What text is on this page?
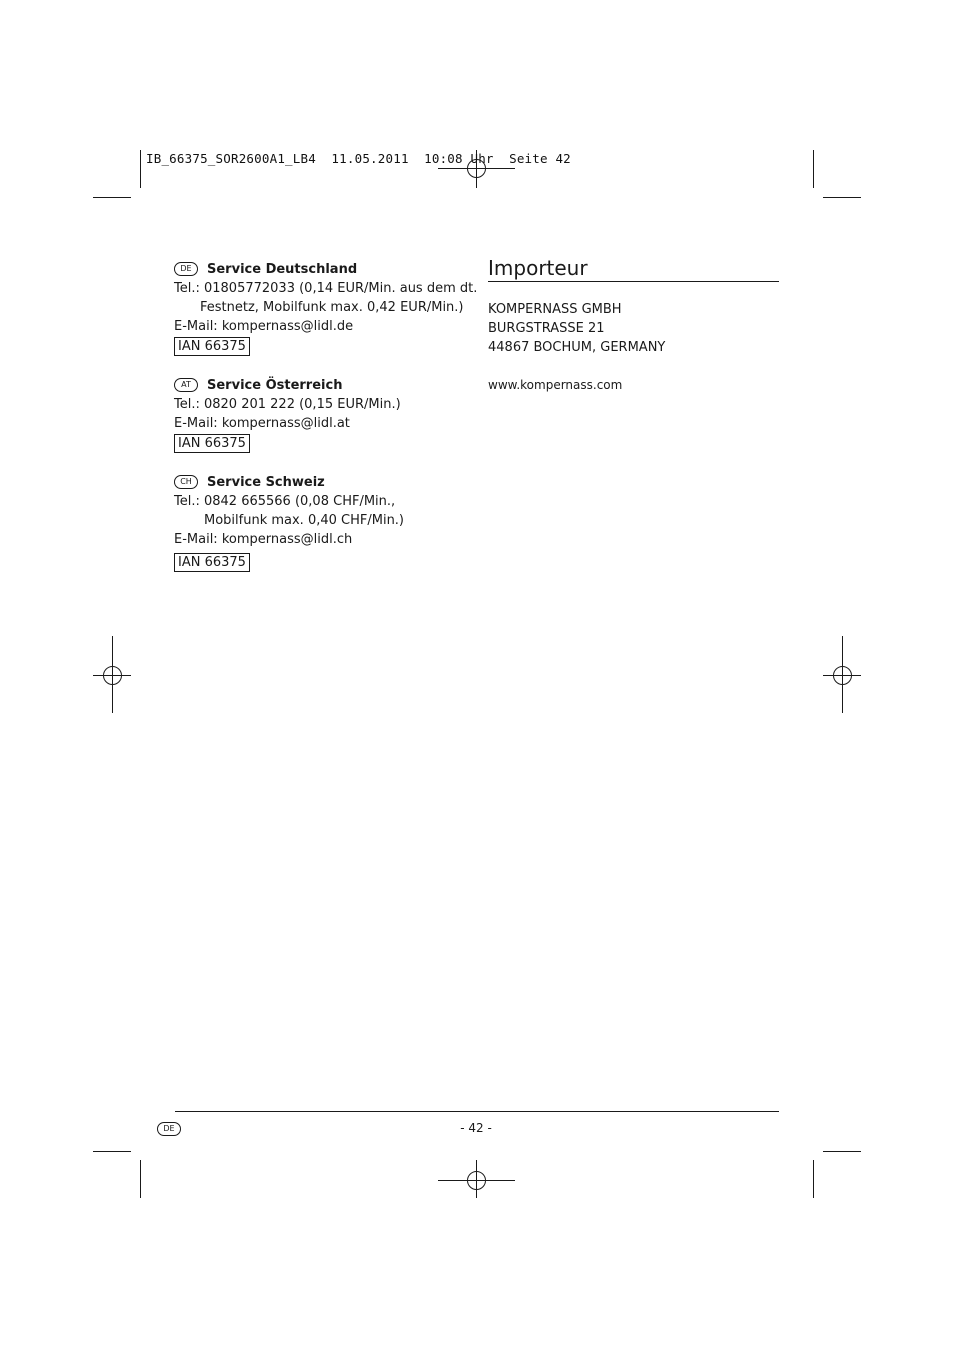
IB_66375_SOR2600A1_LB4  11.05.2011  10:08 Uhr  Seite 42
DE	Service Deutschland
Tel.: 01805772033 (0,14 EUR/Min. aus dem dt.
Festnetz, Mobilfunk max. 0,42 EUR/Min.)
E-Mail: kompernass@lidl.de
IAN 66375
AT	Service Österreich
Tel.: 0820 201 222 (0,15 EUR/Min.)
E-Mail: kompernass@lidl.at
IAN 66375
CH	Service Schweiz
Tel.: 0842 665566 (0,08 CHF/Min.,
Mobilfunk max. 0,40 CHF/Min.)
E-Mail: kompernass@lidl.ch
IAN 66375
Importeur
KOMPERNASS GMBH
BURGSTRASSE 21
44867 BOCHUM, GERMANY
www.kompernass.com
DE	- 42 -
